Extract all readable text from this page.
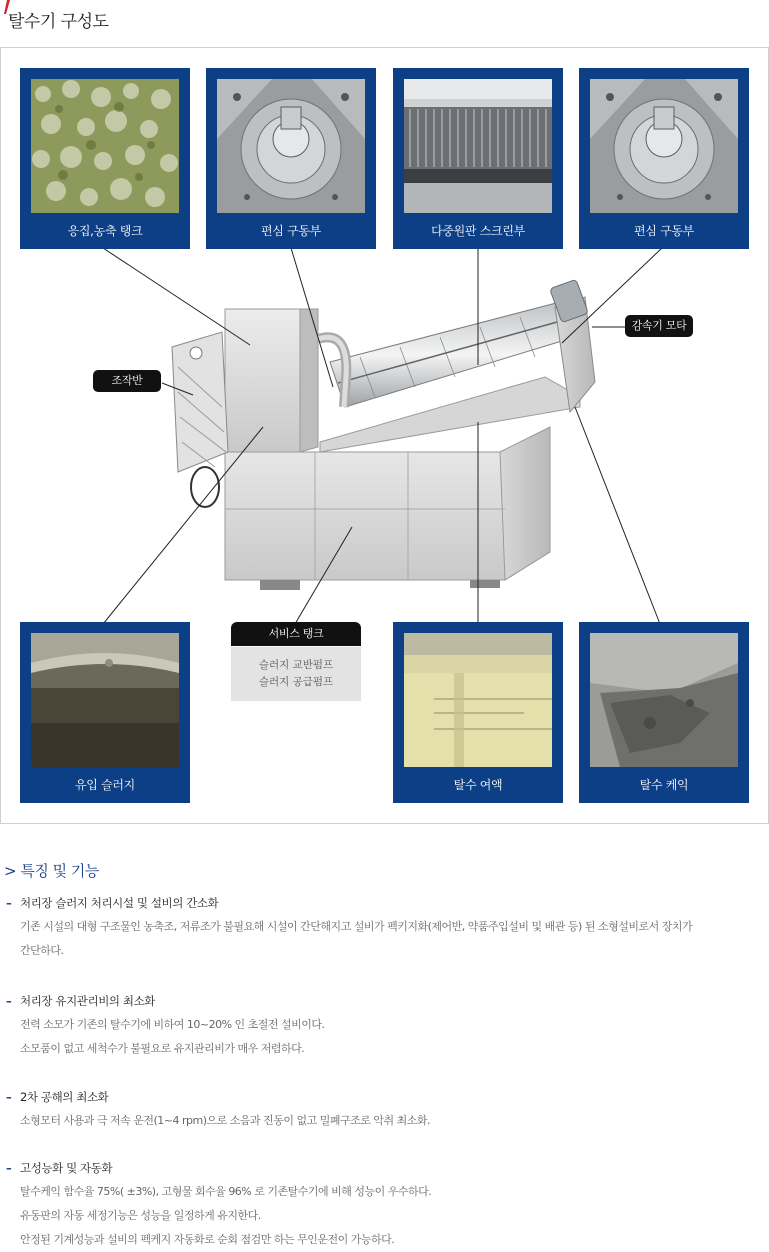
탈수기 구성도
응집,농축 탱크	편심 구동부	다중원판 스크린부	편심 구동부
조작반
감속기 모타
서비스 탱크
슬러지 교반펌프
슬러지 공급펌프
유입 슬러지	탈수 여액	탈수 케익
> 특징 및 기능
– 처리장 슬러지 처리시설 및 설비의 간소화
기존 시설의 대형 구조물인 농축조, 저류조가 불필요해 시설이 간단해지고 설비가 펙키지화(제어반, 약품주입설비 및 배관 등) 된 소형설비로서 장치가
간단하다.
– 처리장 유지관리비의 최소화
전력 소모가 기존의 탈수기에 비하여 10~20% 인 초절전 설비이다.
소모품이 없고 세척수가 불필요로 유지관리비가 매우 저렴하다.
– 2차 공해의 최소화
소형모터 사용과 극 저속 운전(1~4 rpm)으로 소음과 진동이 없고 밀폐구조로 악취 최소화.
– 고성능화 및 자동화
탈수케익 함수율 75%( ±3%), 고형물 회수율 96% 로 기존탈수기에 비해 성능이 우수하다.
유동판의 자동 세정기능은 성능을 일정하게 유지한다.
안정된 기계성능과 설비의 펙케지 자동화로 순회 점검만 하는 무인운전이 가능하다.
